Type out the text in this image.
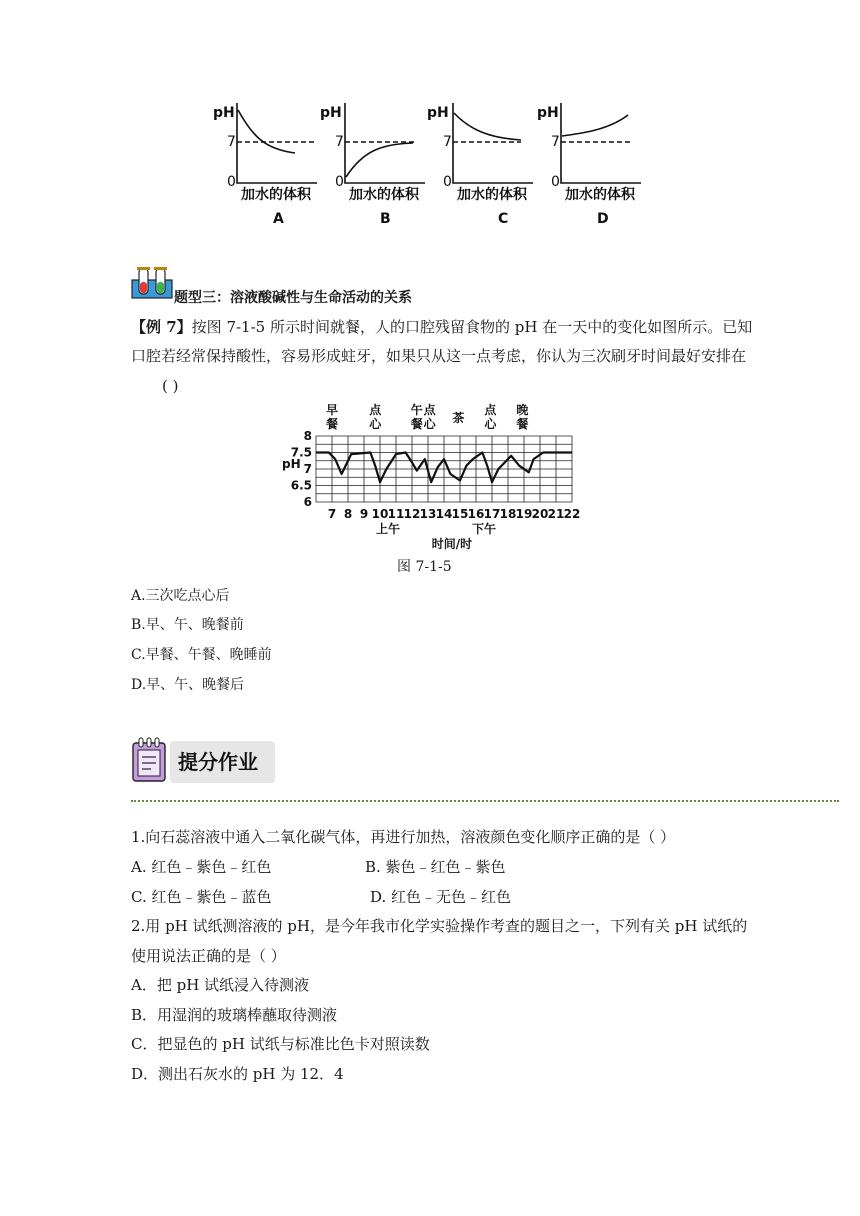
pH
7
0
加水的体积
A
pH
7
0
加水的体积
B
pH
7
0
加水的体积
C
pH
7
0
加水的体积
D
题型三：溶液酸碱性与生命活动的关系
【例 7】按图 7-1-5 所示时间就餐，人的口腔残留食物的 pH 在一天中的变化如图所示。已知
口腔若经常保持酸性，容易形成蛀牙，如果只从这一点考虑，你认为三次刷牙时间最好安排在
( )
6
6.5
7
7.5
8
pH
7 8 9 10 11 12 13 14 15 16 17 18 19 20 21 22
上午	下午
时间/时
早
餐
点
心
午
餐
点
心 茶
点
心
晚
餐
图 7-1-5
A.三次吃点心后
B.早、午、晚餐前
C.早餐、午餐、晚睡前
D.早、午、晚餐后
提分作业
1.向石蕊溶液中通入二氧化碳气体，再进行加热，溶液颜色变化顺序正确的是（ ）
A. 红色﹣紫色﹣红色	B. 紫色﹣红色﹣紫色
C. 红色﹣紫色﹣蓝色	D. 红色﹣无色﹣红色
2.用 pH 试纸测溶液的 pH，是今年我市化学实验操作考查的题目之一，下列有关 pH 试纸的
使用说法正确的是（ ）
A．把 pH 试纸浸入待测液
B．用湿润的玻璃棒蘸取待测液
C．把显色的 pH 试纸与标准比色卡对照读数
D．测出石灰水的 pH 为 12．4
